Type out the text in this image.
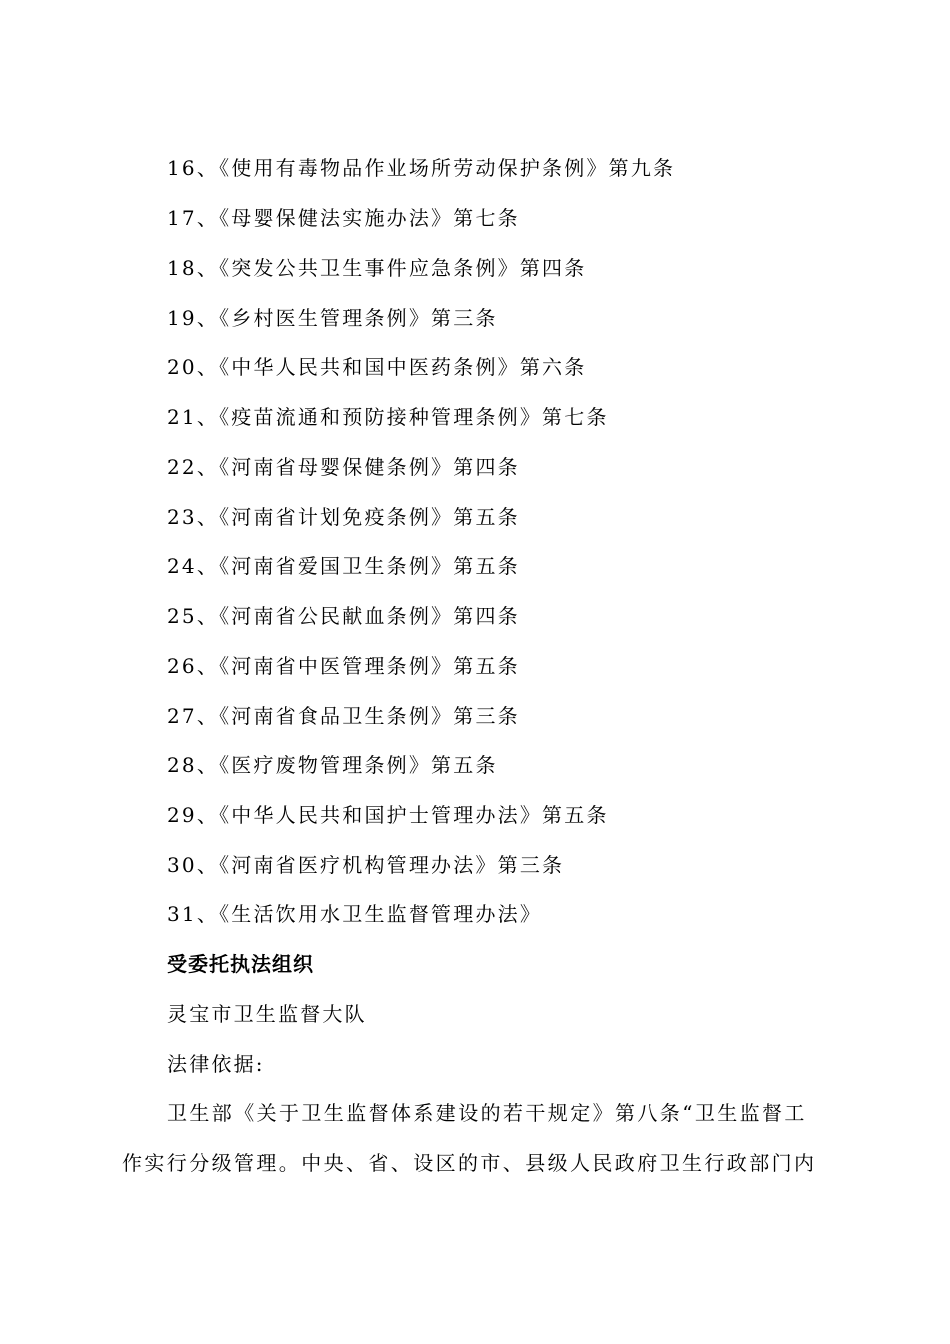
16、《使用有毒物品作业场所劳动保护条例》第九条
17、《母婴保健法实施办法》第七条
18、《突发公共卫生事件应急条例》第四条
19、《乡村医生管理条例》第三条
20、《中华人民共和国中医药条例》第六条
21、《疫苗流通和预防接种管理条例》第七条
22、《河南省母婴保健条例》第四条
23、《河南省计划免疫条例》第五条
24、《河南省爱国卫生条例》第五条
25、《河南省公民献血条例》第四条
26、《河南省中医管理条例》第五条
27、《河南省食品卫生条例》第三条
28、《医疗废物管理条例》第五条
29、《中华人民共和国护士管理办法》第五条
30、《河南省医疗机构管理办法》第三条
31、《生活饮用水卫生监督管理办法》
受委托执法组织
灵宝市卫生监督大队
法律依据:
卫生部《关于卫生监督体系建设的若干规定》第八条“卫生监督工
作实行分级管理。中央、省、设区的市、县级人民政府卫生行政部门内
